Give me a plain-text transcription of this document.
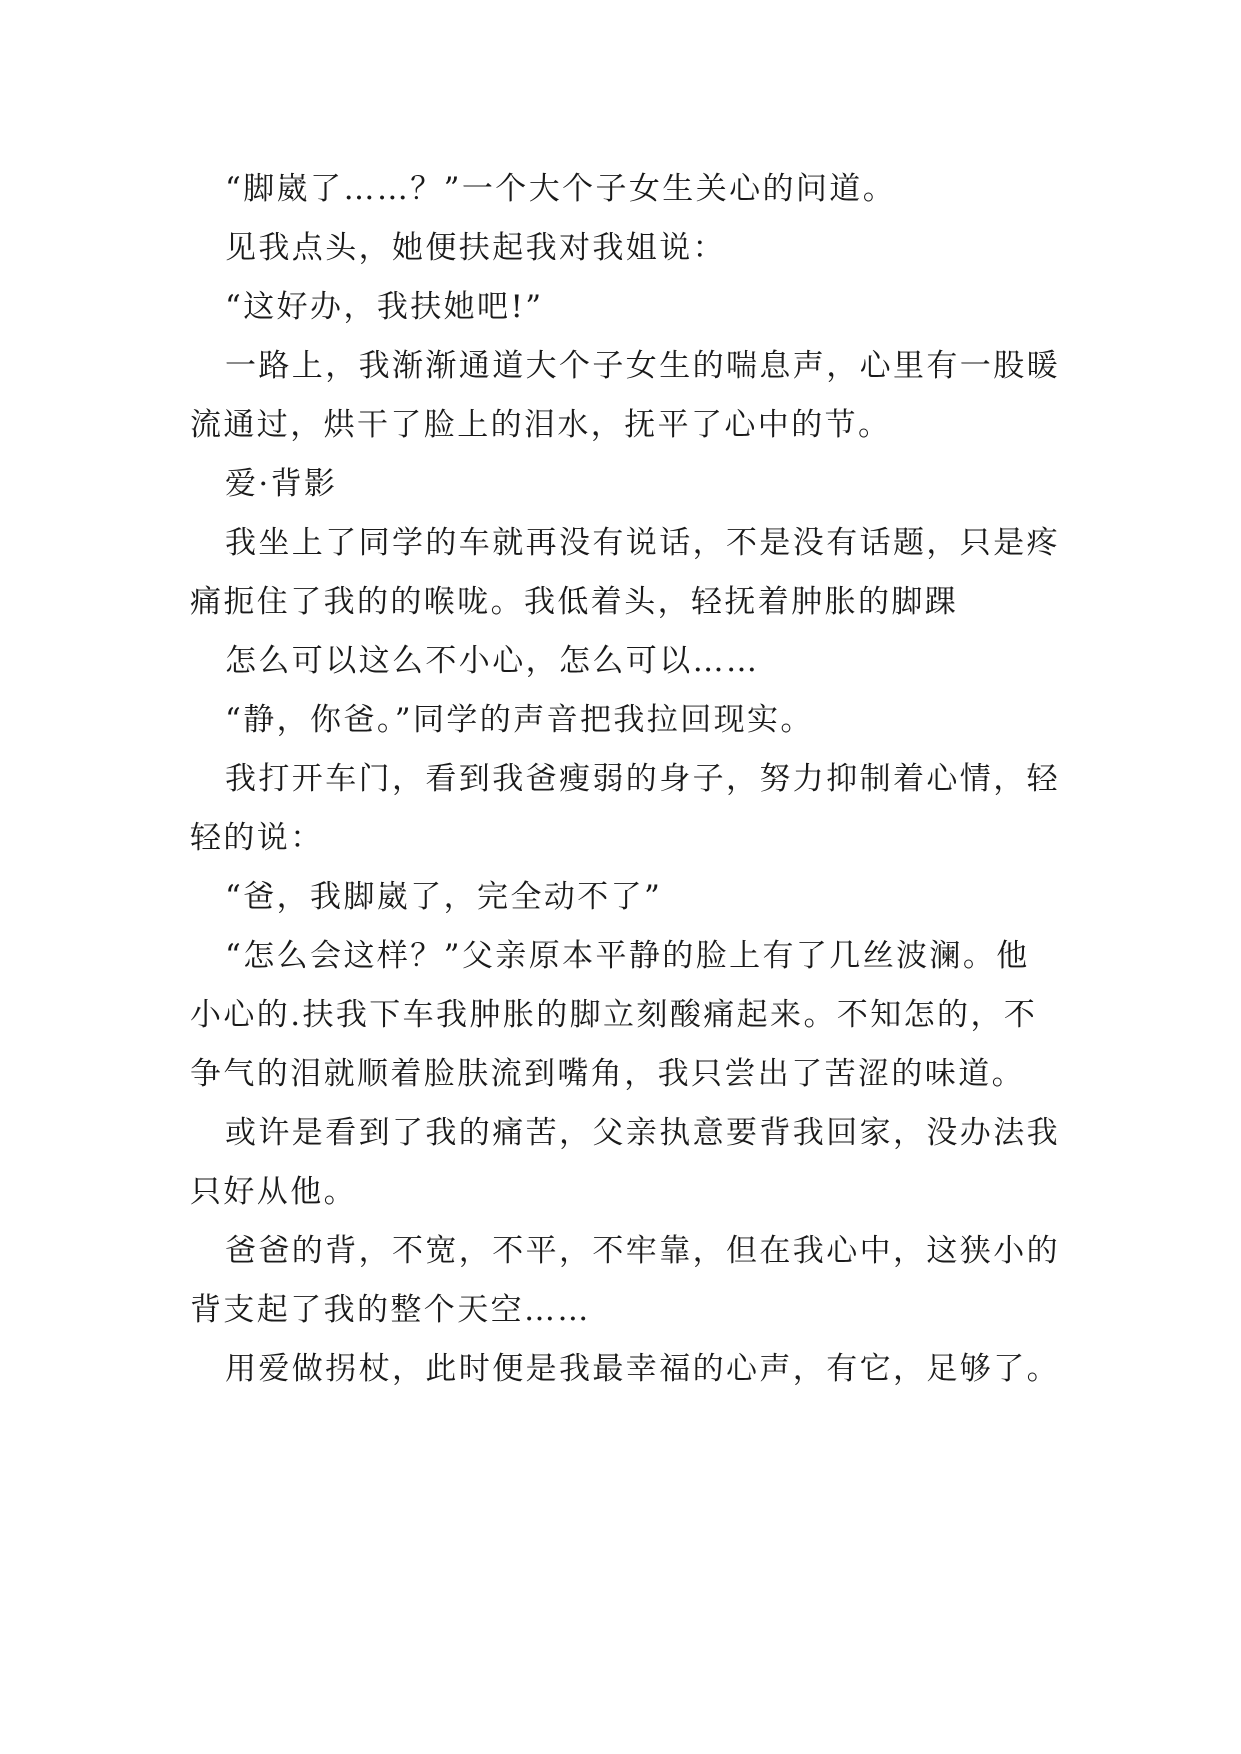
“脚崴了……？”一个大个子女生关心的问道。
见我点头，她便扶起我对我姐说：
“这好办，我扶她吧!”
一路上，我渐渐通道大个子女生的喘息声，心里有一股暖
流通过，烘干了脸上的泪水，抚平了心中的节。
爱·背影
我坐上了同学的车就再没有说话，不是没有话题，只是疼
痛扼住了我的的喉咙。我低着头，轻抚着肿胀的脚踝
怎么可以这么不小心，怎么可以……
“静，你爸。”同学的声音把我拉回现实。
我打开车门，看到我爸瘦弱的身子，努力抑制着心情，轻
轻的说：
“爸，我脚崴了，完全动不了”
“怎么会这样？”父亲原本平静的脸上有了几丝波澜。他
小心的.扶我下车我肿胀的脚立刻酸痛起来。不知怎的，不
争气的泪就顺着脸肤流到嘴角，我只尝出了苦涩的味道。
或许是看到了我的痛苦，父亲执意要背我回家，没办法我
只好从他。
爸爸的背，不宽，不平，不牢靠，但在我心中，这狭小的
背支起了我的整个天空……
用爱做拐杖，此时便是我最幸福的心声，有它，足够了。
